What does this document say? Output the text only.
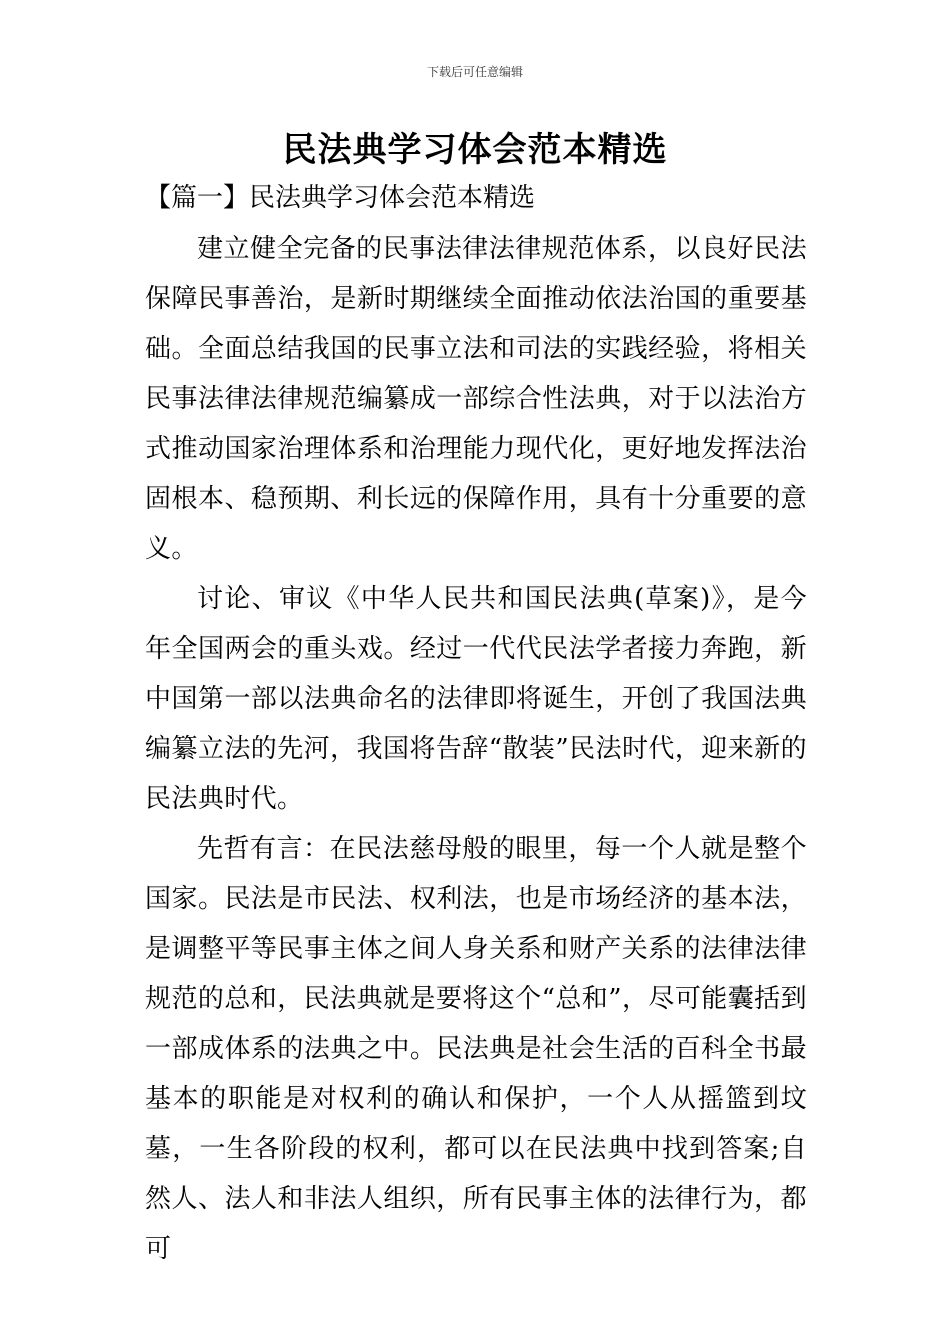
下载后可任意编辑
民法典学习体会范本精选
【篇一】民法典学习体会范本精选

建立健全完备的民事法律法律规范体系，以良好民法保障民事善治，是新时期继续全面推动依法治国的重要基础。全面总结我国的民事立法和司法的实践经验，将相关民事法律法律规范编纂成一部综合性法典，对于以法治方式推动国家治理体系和治理能力现代化，更好地发挥法治固根本、稳预期、利长远的保障作用，具有十分重要的意义。

讨论、审议《中华人民共和国民法典(草案)》，是今年全国两会的重头戏。经过一代代民法学者接力奔跑，新中国第一部以法典命名的法律即将诞生，开创了我国法典编纂立法的先河，我国将告辞“散装”民法时代，迎来新的民法典时代。

先哲有言：在民法慈母般的眼里，每一个人就是整个国家。民法是市民法、权利法，也是市场经济的基本法，是调整平等民事主体之间人身关系和财产关系的法律法律规范的总和，民法典就是要将这个“总和”，尽可能囊括到一部成体系的法典之中。民法典是社会生活的百科全书最基本的职能是对权利的确认和保护，一个人从摇篮到坟墓，一生各阶段的权利，都可以在民法典中找到答案;自然人、法人和非法人组织，所有民事主体的法律行为，都可
